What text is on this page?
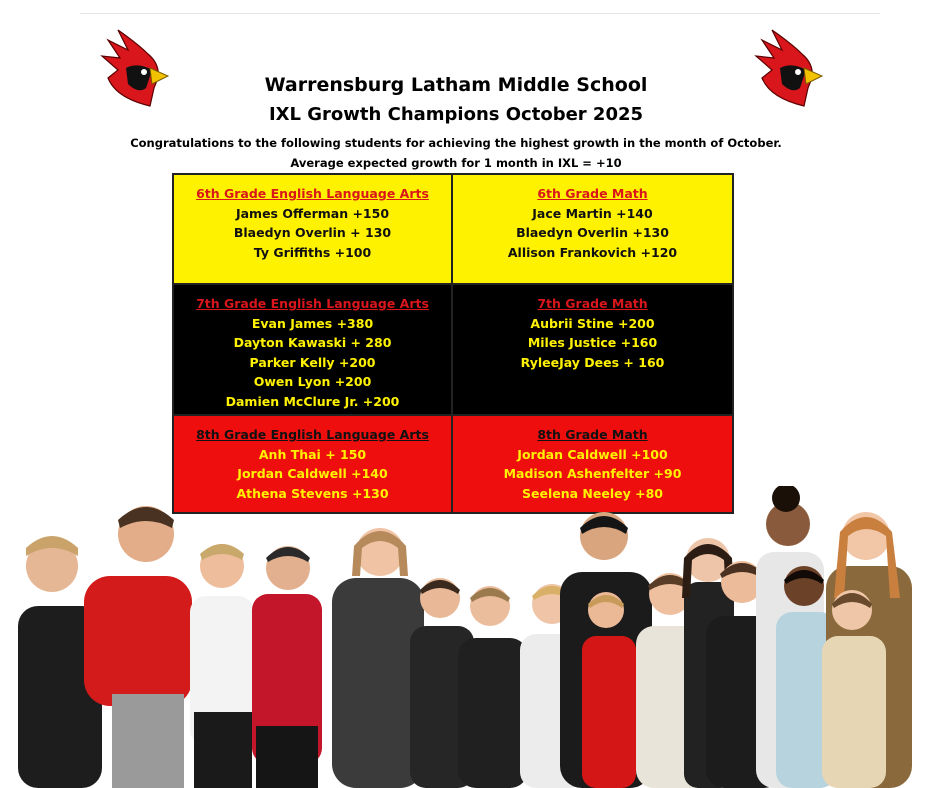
Warrensburg Latham Middle School
IXL Growth Champions October 2025
Congratulations to the following students for achieving the highest growth in the month of October.
Average expected growth for 1 month in IXL = +10
6th Grade English Language Arts
James Offerman +150
Blaedyn Overlin + 130
Ty Griffiths +100
6th Grade Math
Jace Martin +140
Blaedyn Overlin +130
Allison Frankovich +120
7th Grade English Language Arts
Evan James +380
Dayton Kawaski + 280
Parker Kelly +200
Owen Lyon +200
Damien McClure Jr. +200
7th Grade Math
Aubrii Stine +200
Miles Justice +160
RyleeJay Dees + 160
8th Grade English Language Arts
Anh Thai + 150
Jordan Caldwell +140
Athena Stevens +130
8th Grade Math
Jordan Caldwell +100
Madison Ashenfelter +90
Seelena Neeley +80
